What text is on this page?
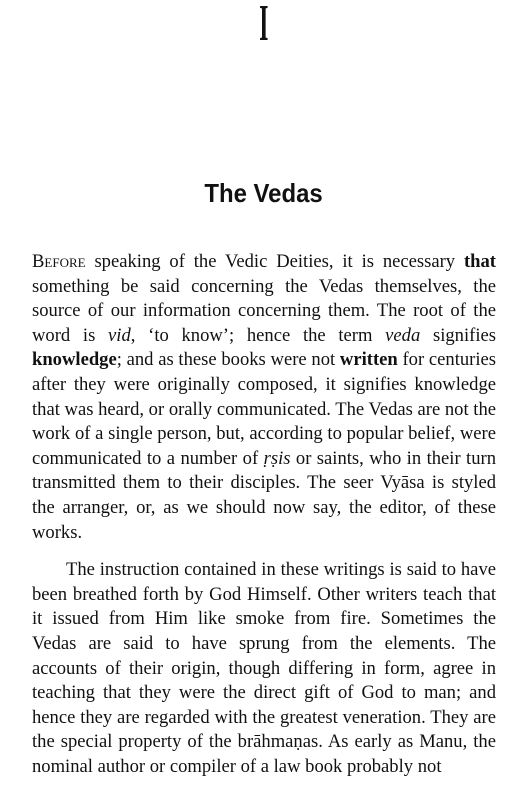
I
The Vedas

Before speaking of the Vedic Deities, it is necessary that something be said concerning the Vedas themselves, the source of our information concerning them. The root of the word is vid, ‘to know’; hence the term veda signifies knowledge; and as these books were not written for centuries after they were originally composed, it signifies knowledge that was heard, or orally communicated. The Vedas are not the work of a single person, but, according to popular belief, were communicated to a number of ṛṣis or saints, who in their turn transmitted them to their disciples. The seer Vyāsa is styled the arranger, or, as we should now say, the editor, of these works.

The instruction contained in these writings is said to have been breathed forth by God Himself. Other writers teach that it issued from Him like smoke from fire. Sometimes the Vedas are said to have sprung from the elements. The accounts of their origin, though differing in form, agree in teaching that they were the direct gift of God to man; and hence they are regarded with the greatest veneration. They are the special property of the brāhmaṇas. As early as Manu, the nominal author or compiler of a law book probably not
